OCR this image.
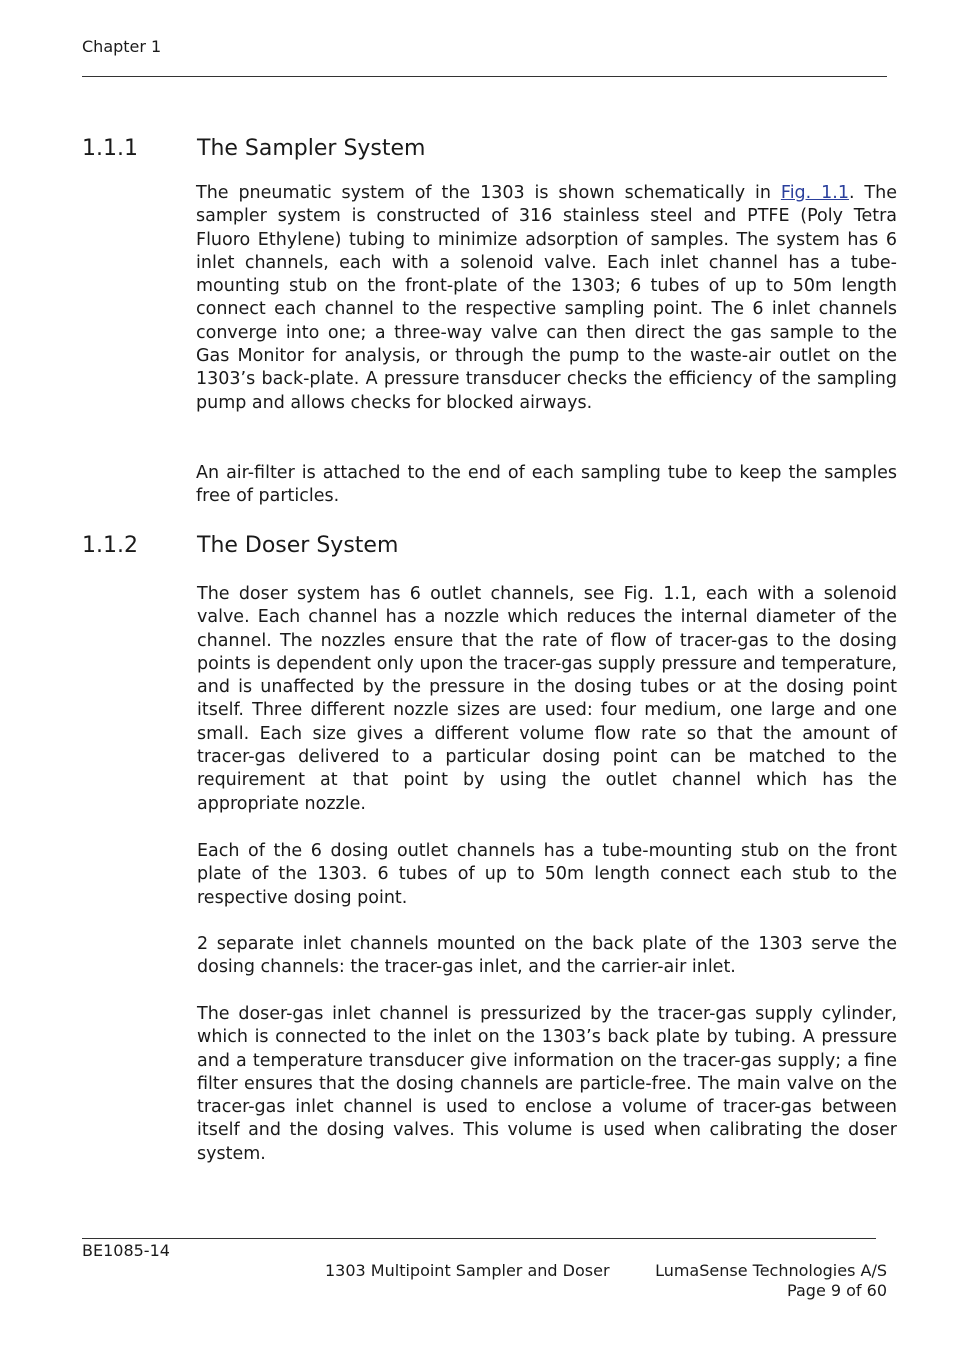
Chapter 1
1.1.1	The Sampler System

The pneumatic system of the 1303 is shown schematically in Fig. 1.1. The sampler system is constructed of 316 stainless steel and PTFE (Poly Tetra Fluoro Ethylene) tubing to minimize adsorption of samples. The system has 6 inlet channels, each with a solenoid valve. Each inlet channel has a tube-mounting stub on the front-plate of the 1303; 6 tubes of up to 50m length connect each channel to the respective sampling point. The 6 inlet channels converge into one; a three-way valve can then direct the gas sample to the Gas Monitor for analysis, or through the pump to the waste-air outlet on the 1303’s back-plate. A pressure transducer checks the efficiency of the sampling pump and allows checks for blocked airways.

An air-filter is attached to the end of each sampling tube to keep the samples free of particles.

1.1.2	The Doser System

The doser system has 6 outlet channels, see Fig. 1.1, each with a solenoid valve. Each channel has a nozzle which reduces the internal diameter of the channel. The nozzles ensure that the rate of flow of tracer-gas to the dosing points is dependent only upon the tracer-gas supply pressure and temperature, and is unaffected by the pressure in the dosing tubes or at the dosing point itself. Three different nozzle sizes are used: four medium, one large and one small. Each size gives a different volume flow rate so that the amount of tracer-gas delivered to a particular dosing point can be matched to the requirement at that point by using the outlet channel which has the appropriate nozzle.

Each of the 6 dosing outlet channels has a tube-mounting stub on the front plate of the 1303. 6 tubes of up to 50m length connect each stub to the respective dosing point.

2 separate inlet channels mounted on the back plate of the 1303 serve the dosing channels: the tracer-gas inlet, and the carrier-air inlet.

The doser-gas inlet channel is pressurized by the tracer-gas supply cylinder, which is connected to the inlet on the 1303’s back plate by tubing. A pressure and a temperature transducer give information on the tracer-gas supply; a fine filter ensures that the dosing channels are particle-free. The main valve on the tracer-gas inlet channel is used to enclose a volume of tracer-gas between itself and the dosing valves. This volume is used when calibrating the doser system.

BE1085-14
1303 Multipoint Sampler and Doser	LumaSense Technologies A/S
Page 9 of 60
